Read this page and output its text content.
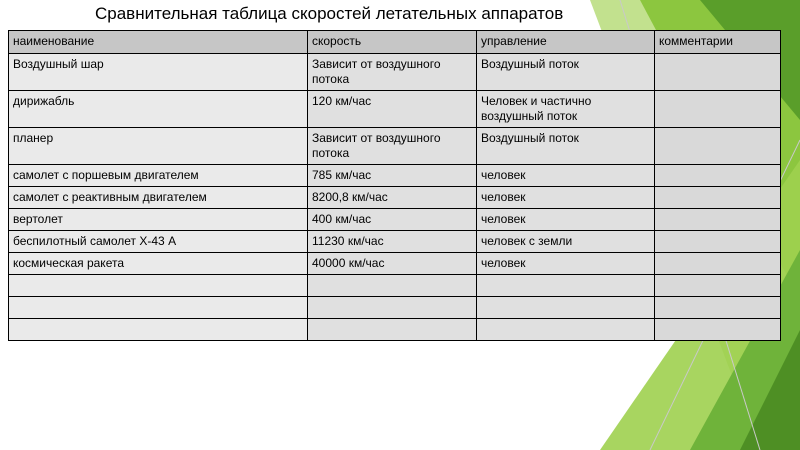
Сравнительная таблица скоростей летательных аппаратов
наименование	скорость	управление	комментарии
Воздушный шар	Зависит от воздушного потока	Воздушный поток	
дирижабль	120 км/час	Человек и частично воздушный поток	
планер	Зависит от воздушного потока	Воздушный поток	
самолет с поршевым двигателем	785 км/час	человек	
самолет с реактивным двигателем	8200,8 км/час	человек	
вертолет	400 км/час	человек	
беспилотный самолет Х-43 А	11230 км/час	человек с земли	
космическая ракета	40000 км/час	человек	
